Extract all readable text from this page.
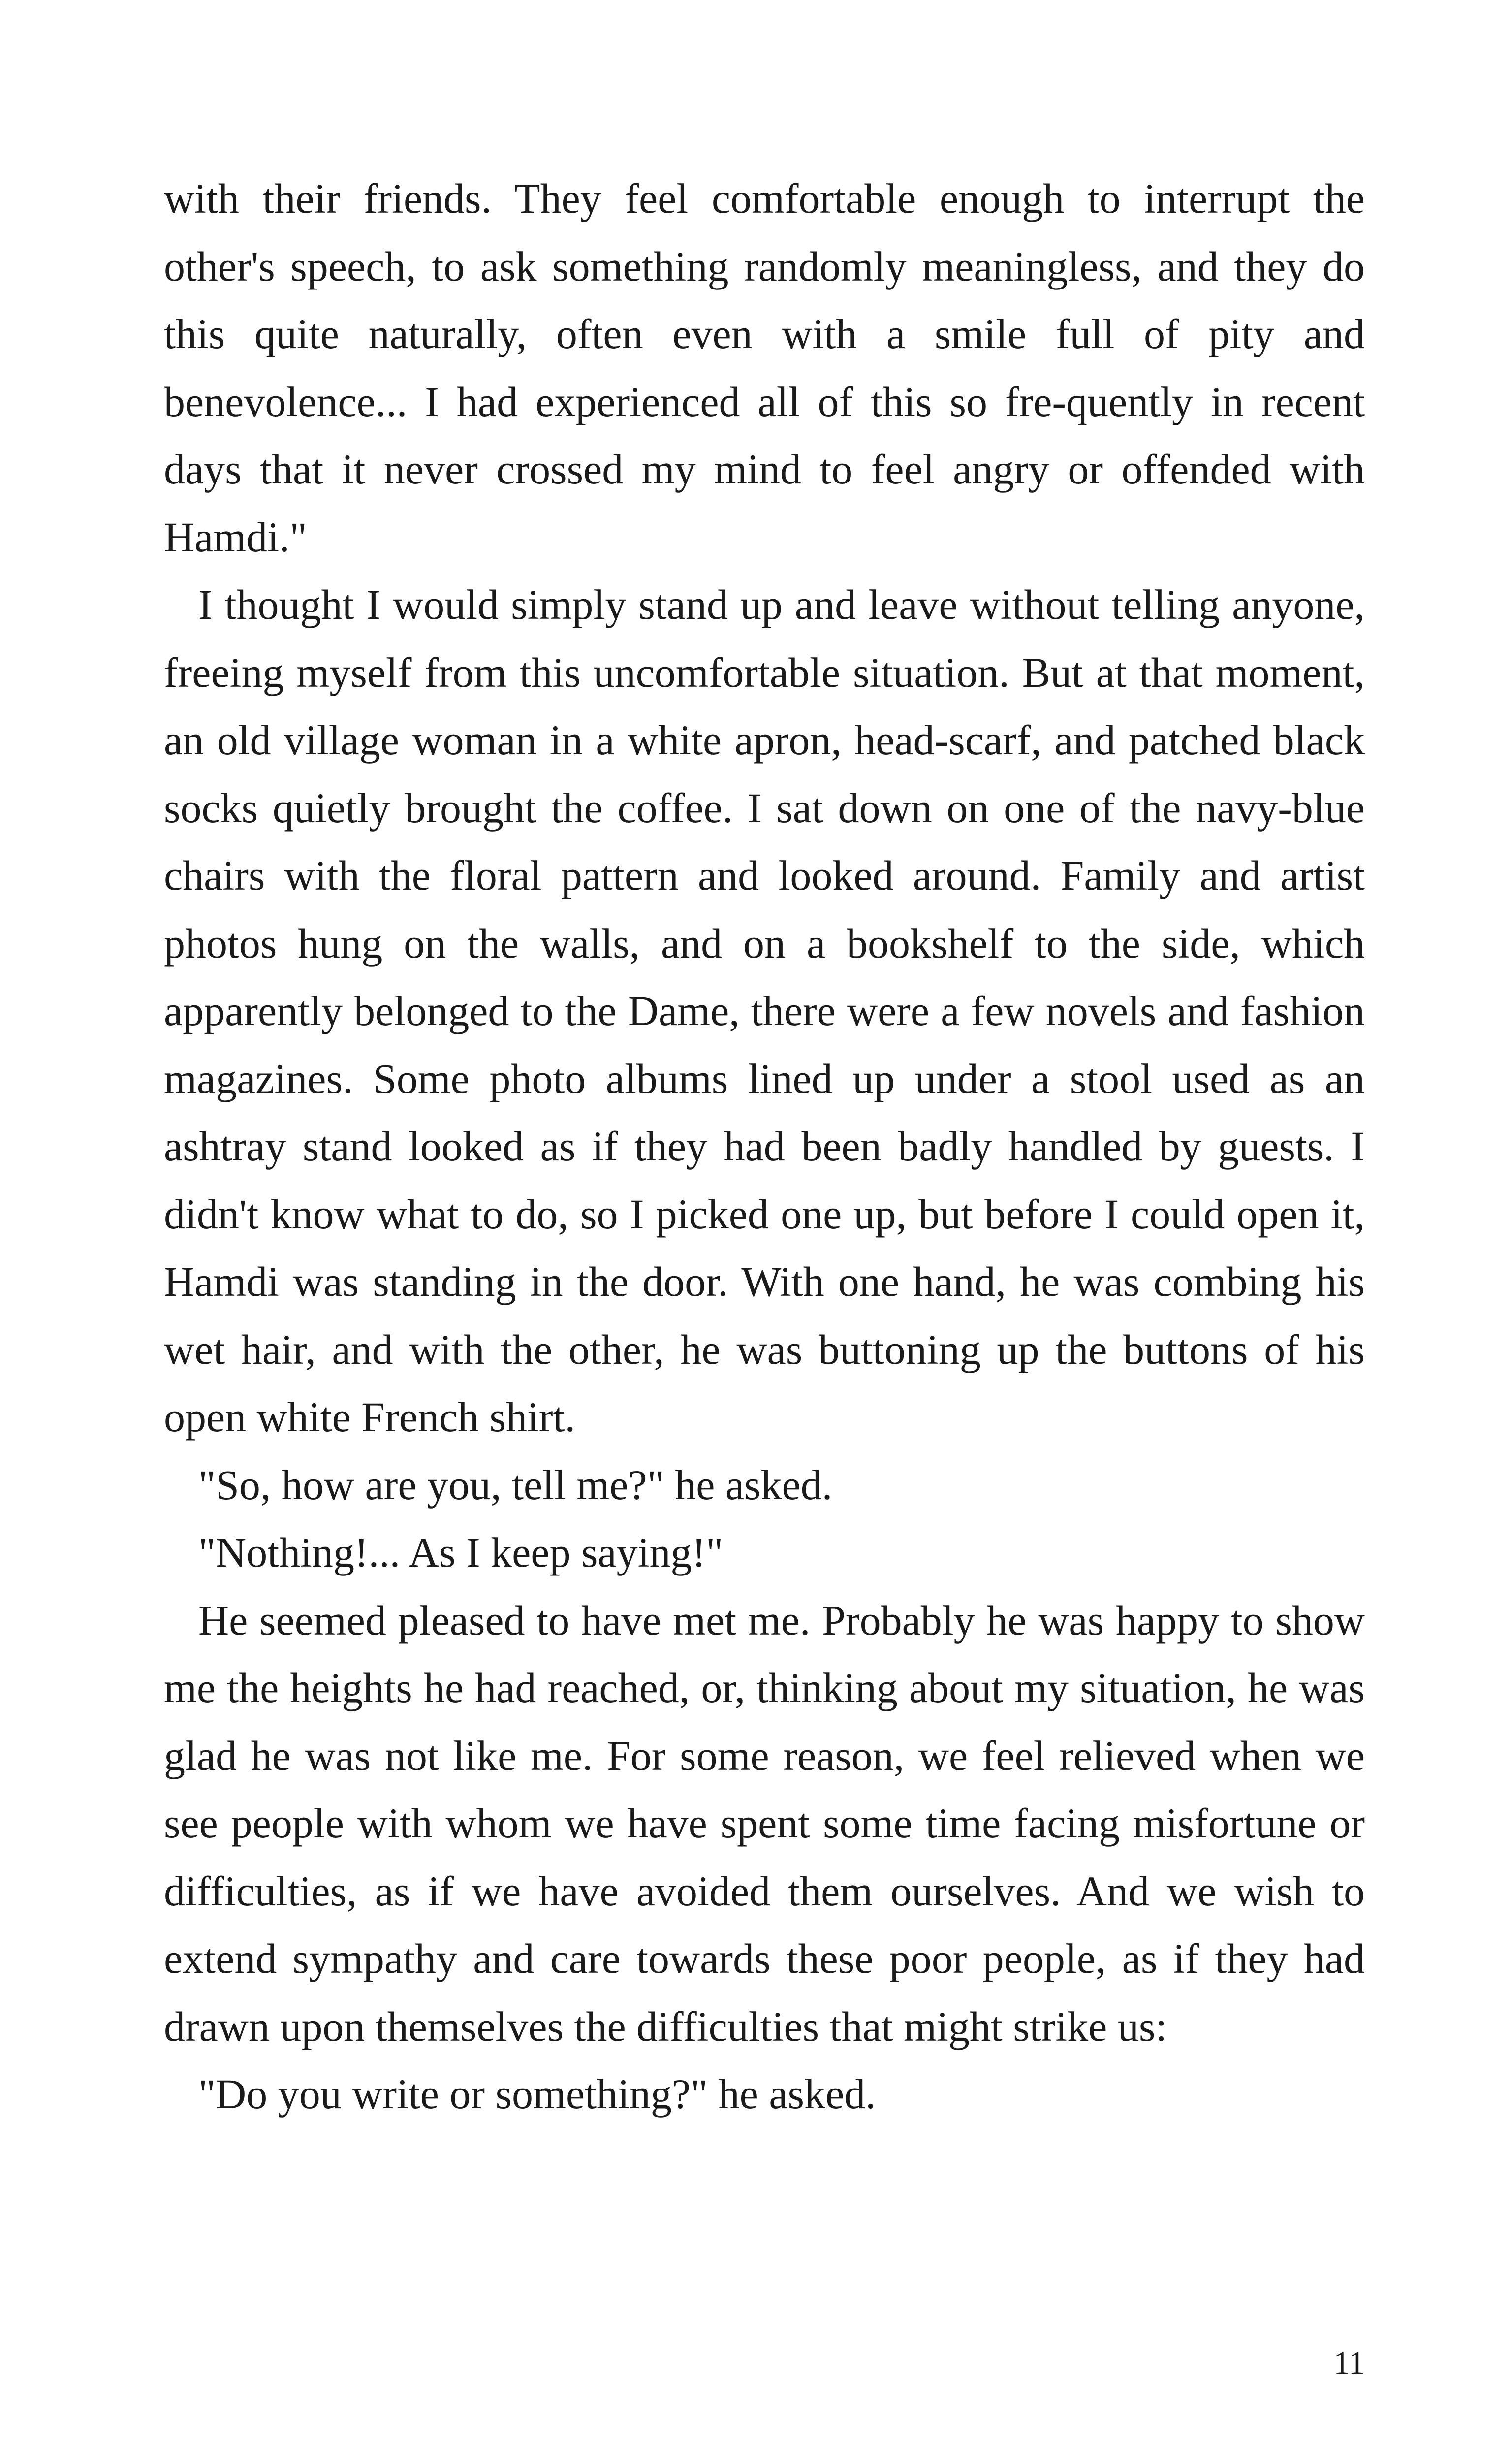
with their friends. They feel comfortable enough to interrupt the other's speech, to ask something randomly meaningless, and they do this quite naturally, often even with a smile full of pity and benevolence... I had experienced all of this so fre-quently in recent days that it never crossed my mind to feel angry or offended with Hamdi."

I thought I would simply stand up and leave without telling anyone, freeing myself from this uncomfortable situation. But at that moment, an old village woman in a white apron, head-scarf, and patched black socks quietly brought the coffee. I sat down on one of the navy-blue chairs with the floral pattern and looked around. Family and artist photos hung on the walls, and on a bookshelf to the side, which apparently belonged to the Dame, there were a few novels and fashion magazines. Some photo albums lined up under a stool used as an ashtray stand looked as if they had been badly handled by guests. I didn't know what to do, so I picked one up, but before I could open it, Hamdi was standing in the door. With one hand, he was combing his wet hair, and with the other, he was buttoning up the buttons of his open white French shirt.

"So, how are you, tell me?" he asked.

"Nothing!... As I keep saying!"

He seemed pleased to have met me. Probably he was happy to show me the heights he had reached, or, thinking about my situation, he was glad he was not like me. For some reason, we feel relieved when we see people with whom we have spent some time facing misfortune or difficulties, as if we have avoided them ourselves. And we wish to extend sympathy and care towards these poor people, as if they had drawn upon themselves the difficulties that might strike us:

"Do you write or something?" he asked.

11
